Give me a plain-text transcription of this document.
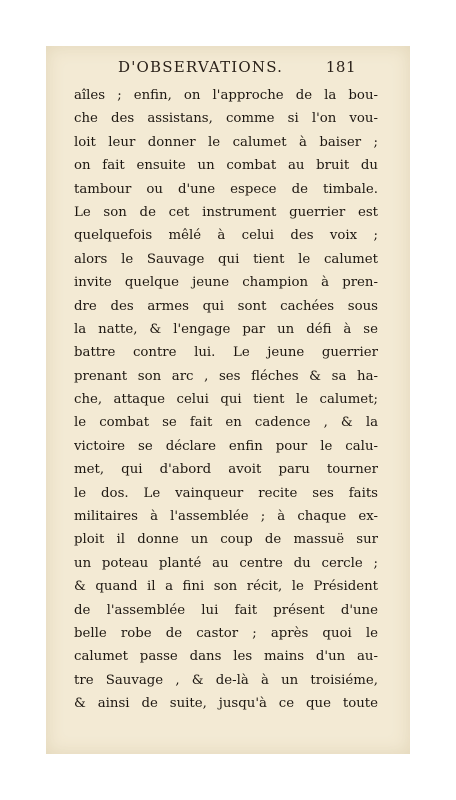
D'OBSERVATIONS.	181
aîles ; enfin, on l'approche de la bou-
che des assistans, comme si l'on vou-
loit leur donner le calumet à baiser ;
on fait ensuite un combat au bruit du
tambour ou d'une espece de timbale.
Le son de cet instrument guerrier est
quelquefois mêlé à celui des voix ;
alors le Sauvage qui tient le calumet
invite quelque jeune champion à pren-
dre des armes qui sont cachées sous
la natte, & l'engage par un défi à se
battre contre lui. Le jeune guerrier
prenant son arc , ses fléches & sa ha-
che, attaque celui qui tient le calumet;
le combat se fait en cadence , & la
victoire se déclare enfin pour le calu-
met, qui d'abord avoit paru tourner
le dos. Le vainqueur recite ses faits
militaires à l'assemblée ; à chaque ex-
ploit il donne un coup de massuë sur
un poteau planté au centre du cercle ;
& quand il a fini son récit, le Président
de l'assemblée lui fait présent d'une
belle robe de castor ; après quoi le
calumet passe dans les mains d'un au-
tre Sauvage , & de-là à un troisiéme,
& ainsi de suite, jusqu'à ce que toute
